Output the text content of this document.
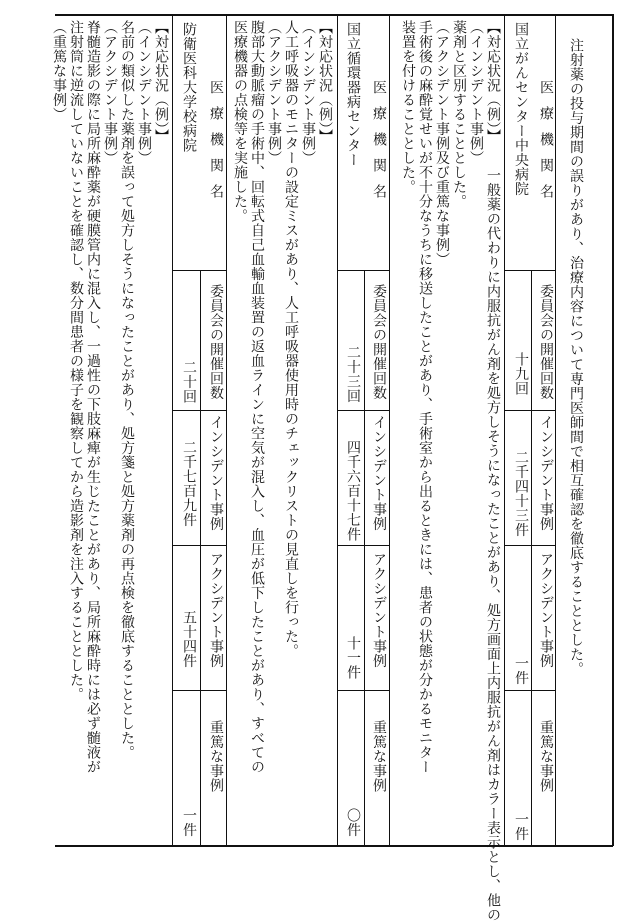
注射薬の投与期間の誤りがあり、治療内容について専門医師間で相互確認を徹底することとした。
医療機関名
国立がんセンター中央病院
委員会の開催回数
十九回
インシデント事例
二千四十三件
アクシデント事例
一件
重篤な事例
一件
【対応状況（例）】
（インシデント事例）
一般薬の代わりに内服抗がん剤を処方しそうになったことがあり、処方画面上内服抗がん剤はカラー表示とし、他の
薬剤と区別することとした。
（アクシデント事例及び重篤な事例）
手術後の麻酔覚せいが不十分なうちに移送したことがあり、手術室から出るときには、患者の状態が分かるモニター
装置を付けることとした。
医療機関名
国立循環器病センター
委員会の開催回数
二十三回
インシデント事例
四千六百十七件
アクシデント事例
十一件
重篤な事例
〇件
【対応状況（例）】
（インシデント事例）
人工呼吸器のモニターの設定ミスがあり、人工呼吸器使用時のチェックリストの見直しを行った。
（アクシデント事例）
腹部大動脈瘤の手術中、回転式自己血輸血装置の返血ラインに空気が混入し、血圧が低下したことがあり、すべての
医療機器の点検等を実施した。
医療機関名
防衛医科大学校病院
委員会の開催回数
二十回
インシデント事例
二千七百九件
アクシデント事例
五十四件
重篤な事例
一件
【対応状況（例）】
（インシデント事例）
名前の類似した薬剤を誤って処方しそうになったことがあり、処方箋と処方薬剤の再点検を徹底することとした。
（アクシデント事例）
脊髄造影の際に局所麻酔薬が硬膜管内に混入し、一過性の下肢麻痺が生じたことがあり、局所麻酔時には必ず髄液が
注射筒に逆流していないことを確認し、数分間患者の様子を観察してから造影剤を注入することとした。
（重篤な事例）
